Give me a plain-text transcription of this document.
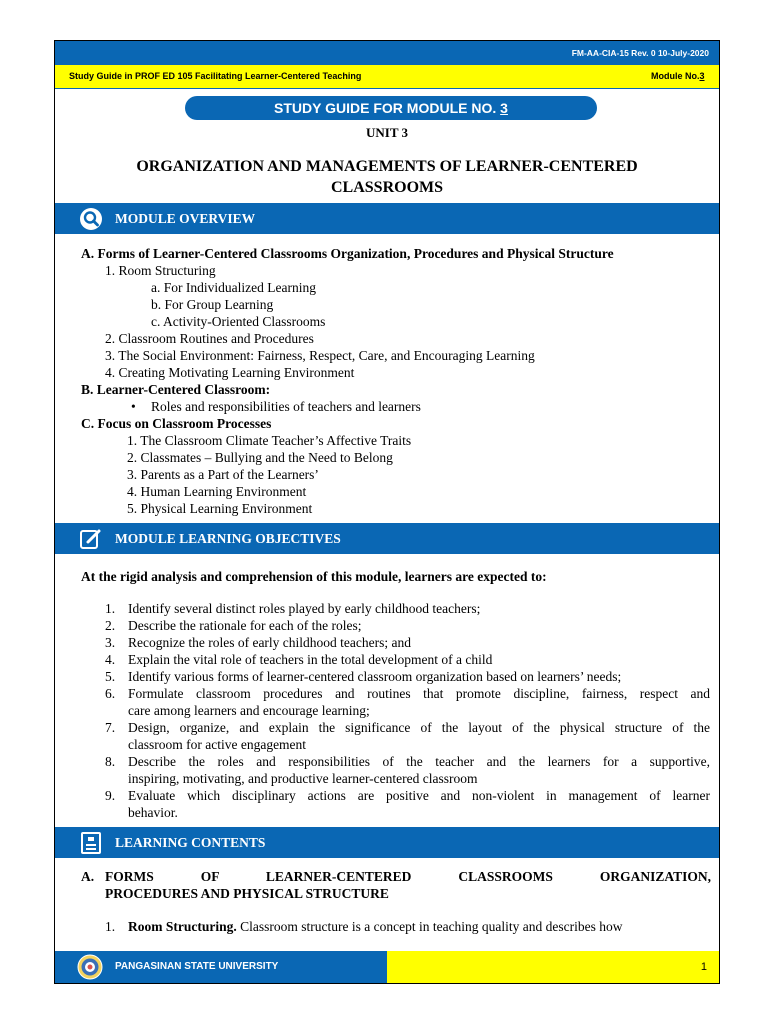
FM-AA-CIA-15 Rev. 0 10-July-2020
Study Guide in PROF ED 105 Facilitating Learner-Centered Teaching	Module No.3
STUDY GUIDE FOR MODULE NO. 3
UNIT 3
ORGANIZATION AND MANAGEMENTS OF LEARNER-CENTERED
CLASSROOMS
MODULE OVERVIEW
A. Forms of Learner-Centered Classrooms Organization, Procedures and Physical Structure
1. Room Structuring
a. For Individualized Learning
b. For Group Learning
c. Activity-Oriented Classrooms
2. Classroom Routines and Procedures
3. The Social Environment: Fairness, Respect, Care, and Encouraging Learning
4. Creating Motivating Learning Environment
B. Learner-Centered Classroom:
• Roles and responsibilities of teachers and learners
C. Focus on Classroom Processes
1. The Classroom Climate Teacher’s Affective Traits
2. Classmates – Bullying and the Need to Belong
3. Parents as a Part of the Learners’
4. Human Learning Environment
5. Physical Learning Environment
MODULE LEARNING OBJECTIVES
At the rigid analysis and comprehension of this module, learners are expected to:
1. Identify several distinct roles played by early childhood teachers;
2. Describe the rationale for each of the roles;
3. Recognize the roles of early childhood teachers; and
4. Explain the vital role of teachers in the total development of a child
5. Identify various forms of learner-centered classroom organization based on learners’ needs;
6. Formulate classroom procedures and routines that promote discipline, fairness, respect and
care among learners and encourage learning;
7. Design, organize, and explain the significance of the layout of the physical structure of the
classroom for active engagement
8. Describe the roles and responsibilities of the teacher and the learners for a supportive,
inspiring, motivating, and productive learner-centered classroom
9. Evaluate which disciplinary actions are positive and non-violent in management of learner
behavior.
LEARNING CONTENTS
A. FORMS OF LEARNER-CENTERED CLASSROOMS ORGANIZATION,
PROCEDURES AND PHYSICAL STRUCTURE
1. Room Structuring. Classroom structure is a concept in teaching quality and describes how
PANGASINAN STATE UNIVERSITY	1
